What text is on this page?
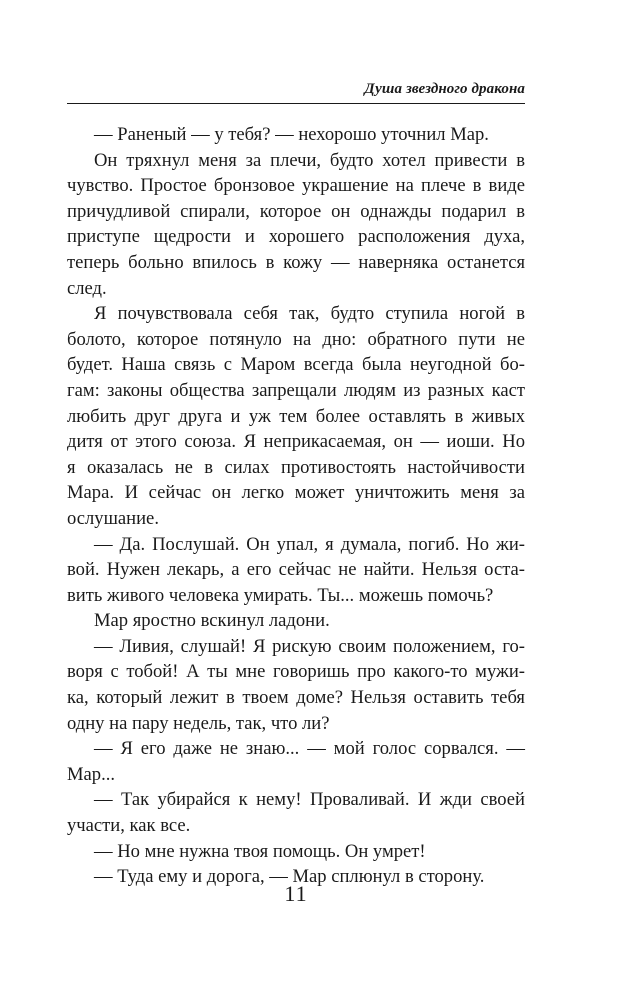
Душа звездного дракона
— Раненый — у тебя? — нехорошо уточнил Мар.
Он тряхнул меня за плечи, будто хотел привести в
чувство. Простое бронзовое украшение на плече в виде
причудливой спирали, которое он однажды подарил в
приступе щедрости и хорошего расположения духа,
теперь больно впилось в кожу — наверняка останется
след.
Я почувствовала себя так, будто ступила ногой в
болото, которое потянуло на дно: обратного пути не
будет. Наша связь с Маром всегда была неугодной бо-
гам: законы общества запрещали людям из разных каст
любить друг друга и уж тем более оставлять в живых
дитя от этого союза. Я неприкасаемая, он — иоши. Но
я оказалась не в силах противостоять настойчивости
Мара. И сейчас он легко может уничтожить меня за
ослушание.
— Да. Послушай. Он упал, я думала, погиб. Но жи-
вой. Нужен лекарь, а его сейчас не найти. Нельзя оста-
вить живого человека умирать. Ты... можешь помочь?
Мар яростно вскинул ладони.
— Ливия, слушай! Я рискую своим положением, го-
воря с тобой! А ты мне говоришь про какого-то мужи-
ка, который лежит в твоем доме? Нельзя оставить тебя
одну на пару недель, так, что ли?
— Я его даже не знаю... — мой голос сорвался. —
Мар...
— Так убирайся к нему! Проваливай. И жди своей
участи, как все.
— Но мне нужна твоя помощь. Он умрет!
— Туда ему и дорога, — Мар сплюнул в сторону.
11
